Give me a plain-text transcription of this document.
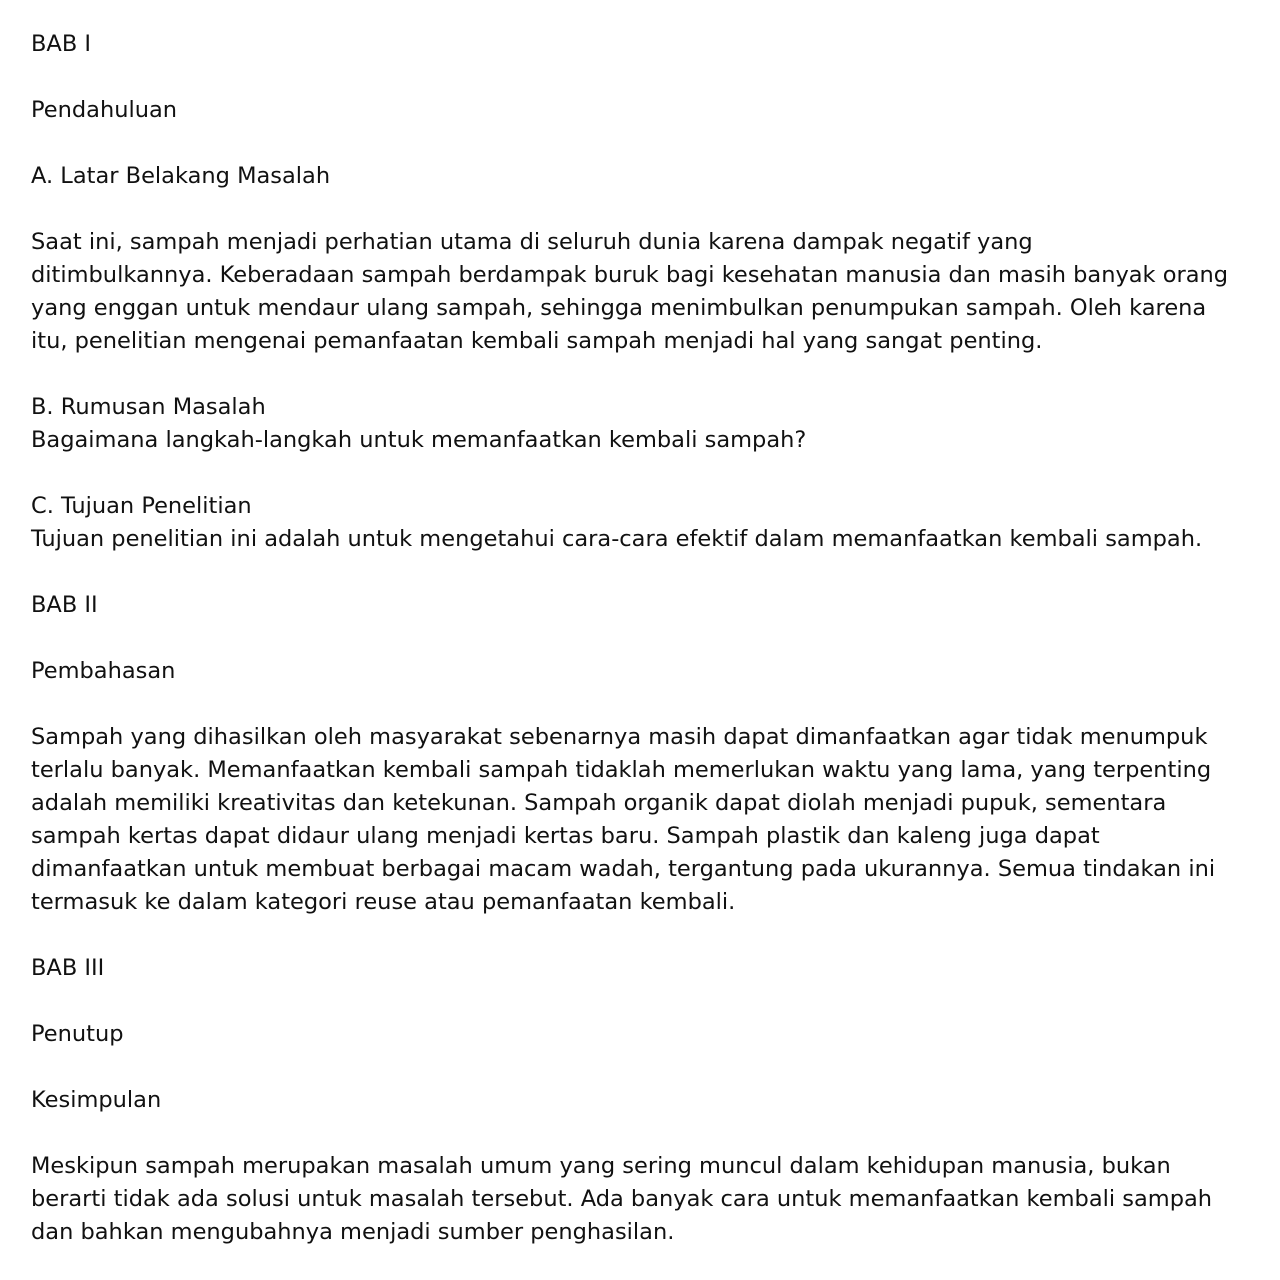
BAB I
Pendahuluan
A. Latar Belakang Masalah
Saat ini, sampah menjadi perhatian utama di seluruh dunia karena dampak negatif yang
ditimbulkannya. Keberadaan sampah berdampak buruk bagi kesehatan manusia dan masih banyak orang
yang enggan untuk mendaur ulang sampah, sehingga menimbulkan penumpukan sampah. Oleh karena
itu, penelitian mengenai pemanfaatan kembali sampah menjadi hal yang sangat penting.
B. Rumusan Masalah
Bagaimana langkah-langkah untuk memanfaatkan kembali sampah?
C. Tujuan Penelitian
Tujuan penelitian ini adalah untuk mengetahui cara-cara efektif dalam memanfaatkan kembali sampah.
BAB II
Pembahasan
Sampah yang dihasilkan oleh masyarakat sebenarnya masih dapat dimanfaatkan agar tidak menumpuk
terlalu banyak. Memanfaatkan kembali sampah tidaklah memerlukan waktu yang lama, yang terpenting
adalah memiliki kreativitas dan ketekunan. Sampah organik dapat diolah menjadi pupuk, sementara
sampah kertas dapat didaur ulang menjadi kertas baru. Sampah plastik dan kaleng juga dapat
dimanfaatkan untuk membuat berbagai macam wadah, tergantung pada ukurannya. Semua tindakan ini
termasuk ke dalam kategori reuse atau pemanfaatan kembali.
BAB III
Penutup
Kesimpulan
Meskipun sampah merupakan masalah umum yang sering muncul dalam kehidupan manusia, bukan
berarti tidak ada solusi untuk masalah tersebut. Ada banyak cara untuk memanfaatkan kembali sampah
dan bahkan mengubahnya menjadi sumber penghasilan.
